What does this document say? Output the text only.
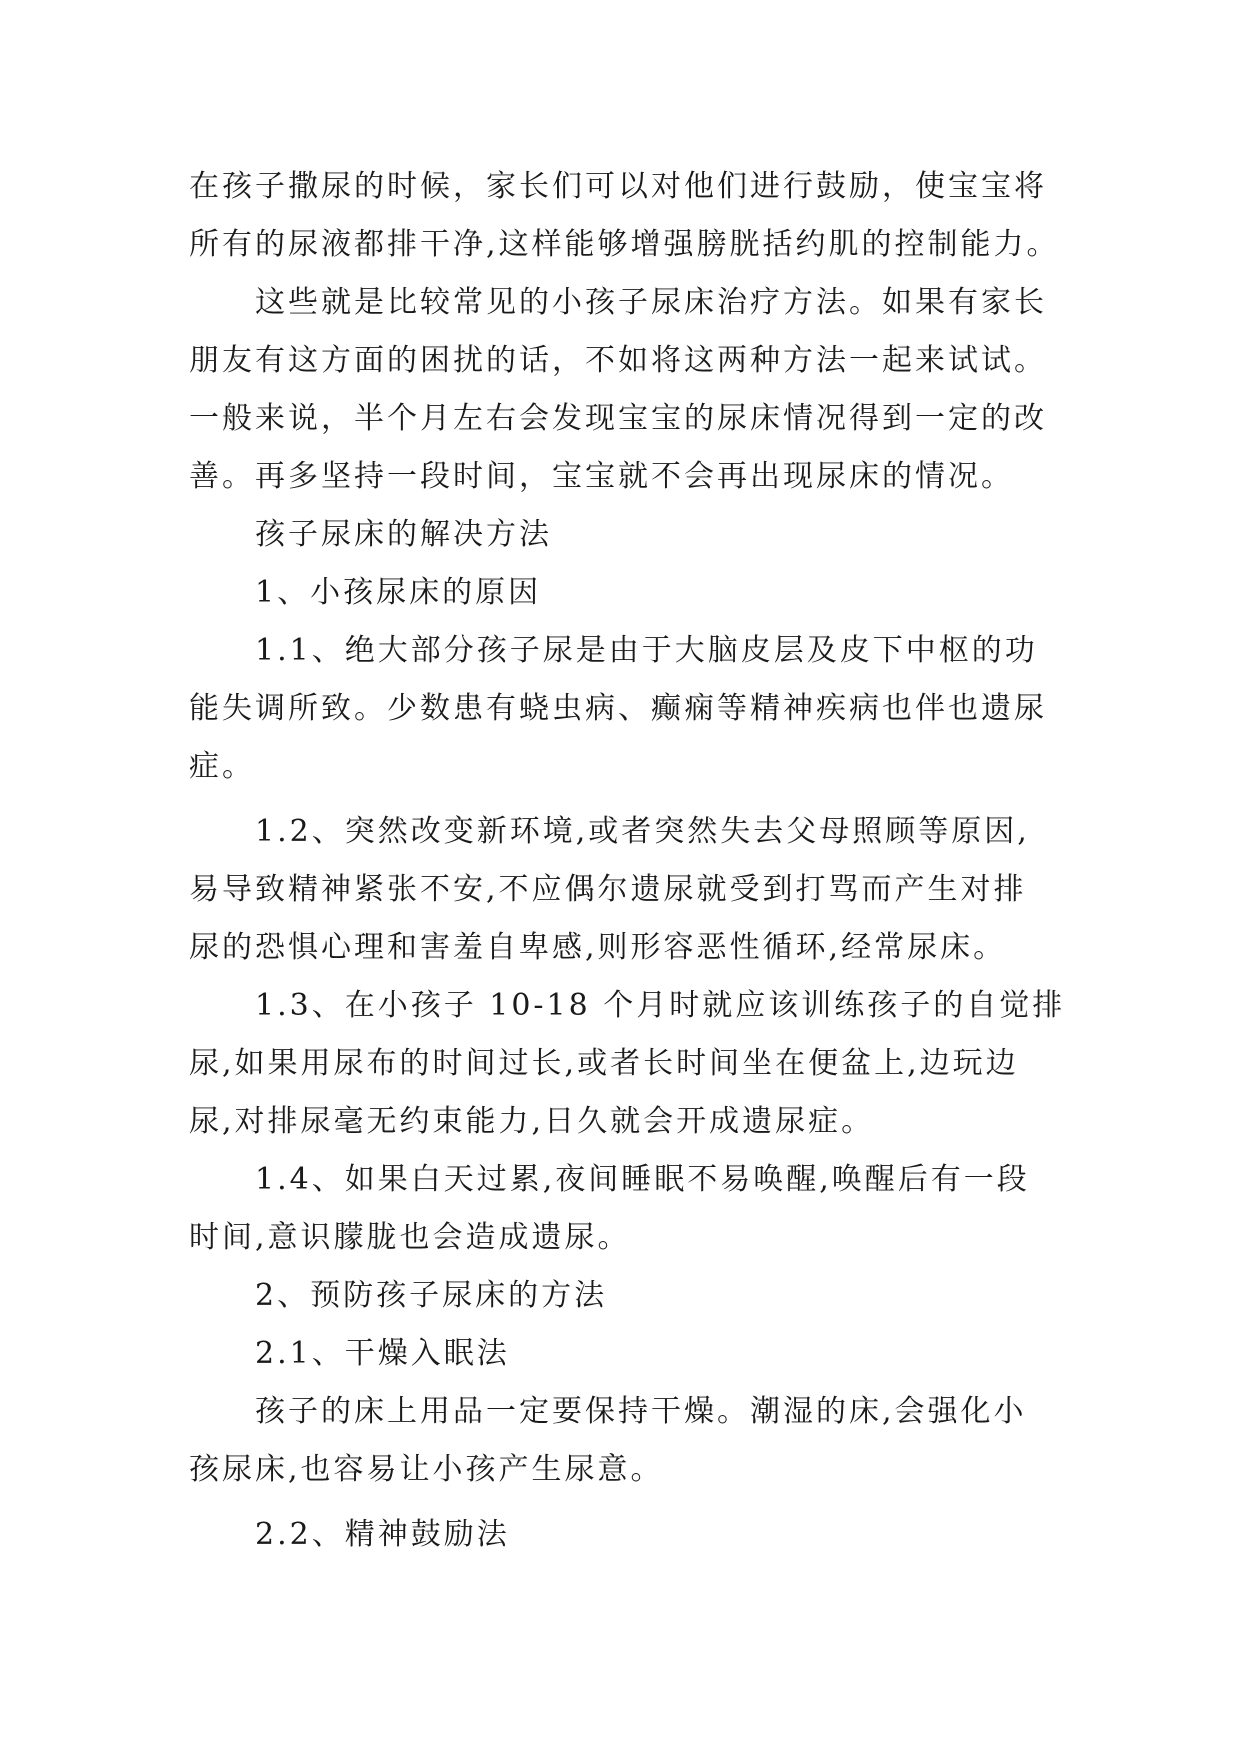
在孩子撒尿的时候，家长们可以对他们进行鼓励，使宝宝将
所有的尿液都排干净,这样能够增强膀胱括约肌的控制能力。
这些就是比较常见的小孩子尿床治疗方法。如果有家长
朋友有这方面的困扰的话，不如将这两种方法一起来试试。
一般来说，半个月左右会发现宝宝的尿床情况得到一定的改
善。再多坚持一段时间，宝宝就不会再出现尿床的情况。
孩子尿床的解决方法
1、小孩尿床的原因
1.1、绝大部分孩子尿是由于大脑皮层及皮下中枢的功
能失调所致。少数患有蛲虫病、癫痫等精神疾病也伴也遗尿
症。
1.2、突然改变新环境,或者突然失去父母照顾等原因,
易导致精神紧张不安,不应偶尔遗尿就受到打骂而产生对排
尿的恐惧心理和害羞自卑感,则形容恶性循环,经常尿床。
1.3、在小孩子 10-18 个月时就应该训练孩子的自觉排
尿,如果用尿布的时间过长,或者长时间坐在便盆上,边玩边
尿,对排尿毫无约束能力,日久就会开成遗尿症。
1.4、如果白天过累,夜间睡眠不易唤醒,唤醒后有一段
时间,意识朦胧也会造成遗尿。
2、预防孩子尿床的方法
2.1、干燥入眠法
孩子的床上用品一定要保持干燥。潮湿的床,会强化小
孩尿床,也容易让小孩产生尿意。
2.2、精神鼓励法
